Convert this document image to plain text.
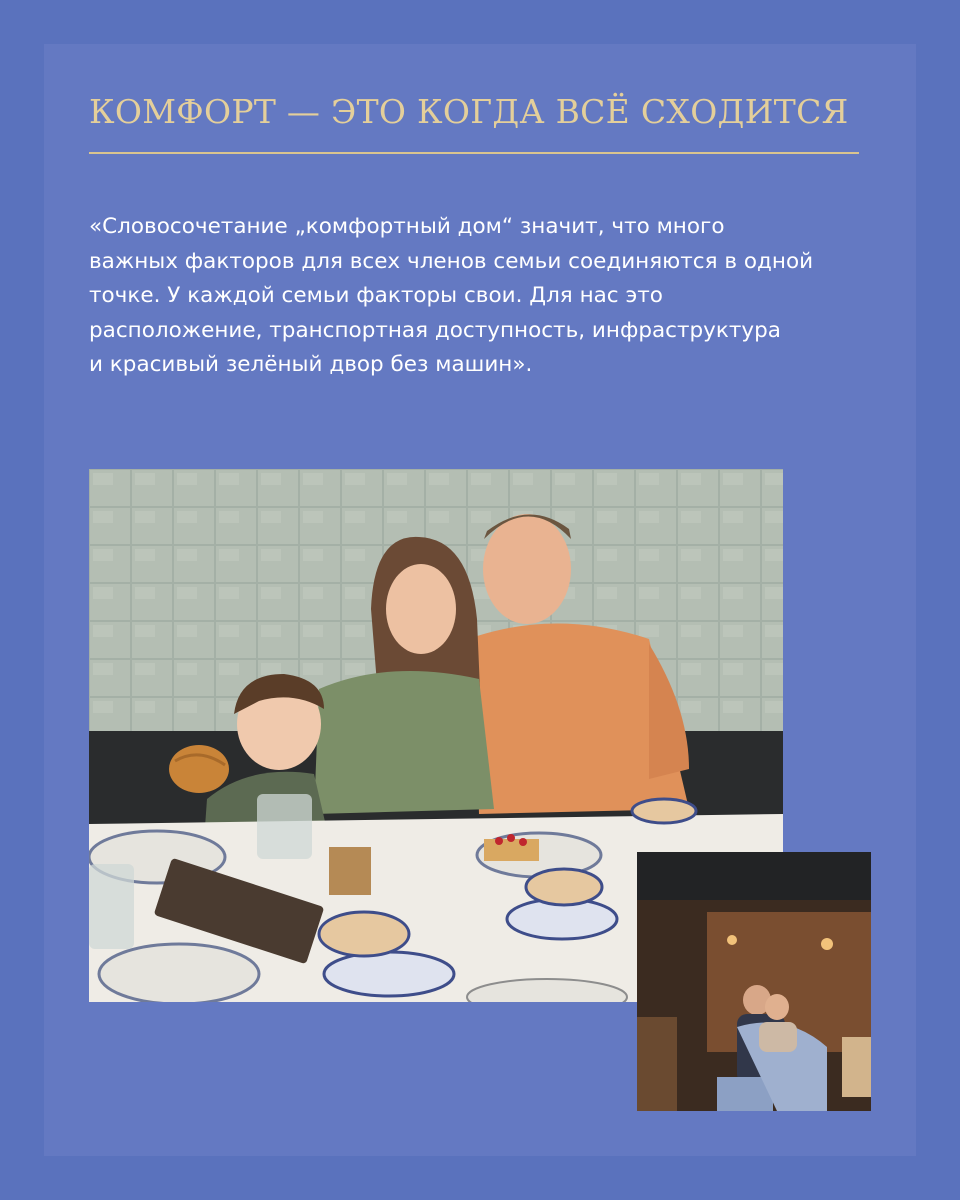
КОМФОРТ — ЭТО КОГДА ВСЁ СХОДИТСЯ

«Словосочетание „комфортный дом“ значит, что много
важных факторов для всех членов семьи соединяются в одной
точке. У каждой семьи факторы свои. Для нас это
расположение, транспортная доступность, инфраструктура
и красивый зелёный двор без машин».
